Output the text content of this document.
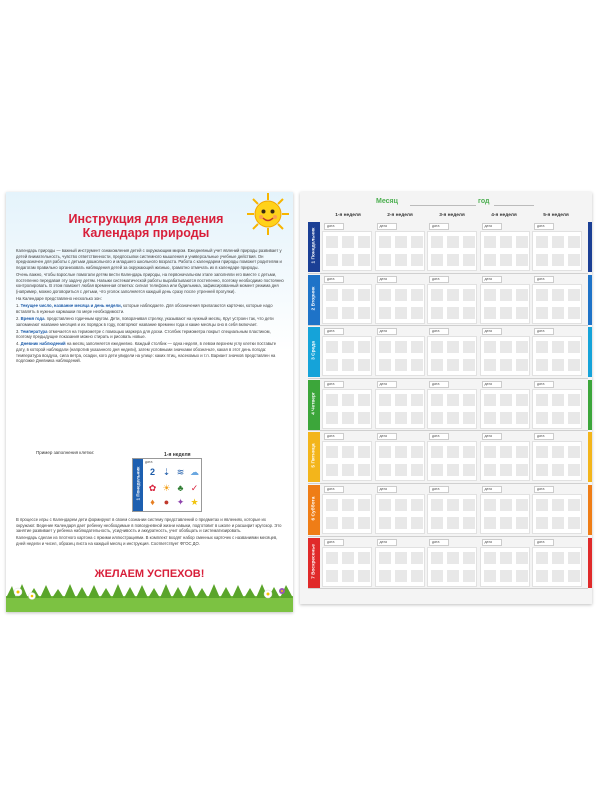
Инструкция для ведения
Календаря природы

Календарь природы — важный инструмент ознакомления детей с окружающим миром. Ежедневный учет явлений природы развивает у детей внимательность, чувство ответственности, предпосылки системного мышления и универсальные учебные действия. Он предназначен для работы с детьми дошкольного и младшего школьного возраста. Работа с календарем природы поможет родителям и педагогам правильно организовать наблюдения детей за окружающей жизнью, грамотно отмечать их в календаре природы.

Очень важно, чтобы взрослые помогали детям вести Календарь природы, на первоначальном этапе заполняли его вместе с детьми, постепенно передавая эту задачу детям. Навыки систематической работы вырабатываются постепенно, поэтому необходимо постоянно контролировать. В этом поможет любая временная отметка: сигнал телефона или будильника, зафиксированный момент режима дня (например, можно договориться с детьми, что уголок заполняется каждый день сразу после утренней прогулки).

На Календаре представлено несколько зон:

1. Текущее число, название месяца и день недели, которые наблюдаете. Для обозначения прилагаются карточки, которые надо вставлять в нужные кармашки по мере необходимости.

2. Время года. представлено годичным кругом. Дети, поворачивая стрелку, указывают на нужный месяц. Круг устроен так, что дети запоминают название месяцев и их порядок в году, повторяют название времени года и какие месяцы оно в себя включает.

3. Температура отмечается на термометре с помощью маркера для доски. Столбик термометра покрыт специальным пластиком, поэтому предыдущие показания можно стирать и рисовать новые.

4. Дневник наблюдений на месяц заполняется ежедневно. Каждый столбик — одна неделя, в левом верхнем углу клетки поставьте дату, в которой наблюдали (напротив указанного дня недели), затем условными значками обозначьте, какая в этот день погода: температура воздуха, сила ветра, осадки, кого дети увидели на улице: каких птиц, насекомых и т.п. Вариант значков представлен на подложке Дневника наблюдений.

Пример заполнения клетки:	1-я неделя
1 Понедельник
дата
2 ⇣ ≋ ☁
✿ ☀ ♣ ✓
♦ ● ✦ ★

В процессе игры с Календарем дети формируют в своем сознании систему представлений о предметах и явлениях, которые их окружают. Ведение Календаря дает ребенку необходимые в повседневной жизни навыки, подготовит в школе и расширит кругозор. Это занятие развивает у ребенка наблюдательность, усидчивость и аккуратность, учит обобщать и систематизировать.

Календарь сделан из плотного картона с яркими иллюстрациями. В комплект входят набор сменных карточек с названиями месяцев, дней недели и чисел, образец листа на каждый месяц и инструкция. Соответствует ФГОС ДО.

ЖЕЛАЕМ УСПЕХОВ!
Месяц	год
1-я неделя	2-я неделя	3-я неделя	4-я неделя	5-я неделя
1 Понедельник
дата	дата	дата	дата	дата
2 Вторник
дата	дата	дата	дата	дата
3 Среда
дата	дата	дата	дата	дата
4 Четверг
дата	дата	дата	дата	дата
5 Пятница
дата	дата	дата	дата	дата
6 Суббота
дата	дата	дата	дата	дата
7 Воскресенье
дата	дата	дата	дата	дата
